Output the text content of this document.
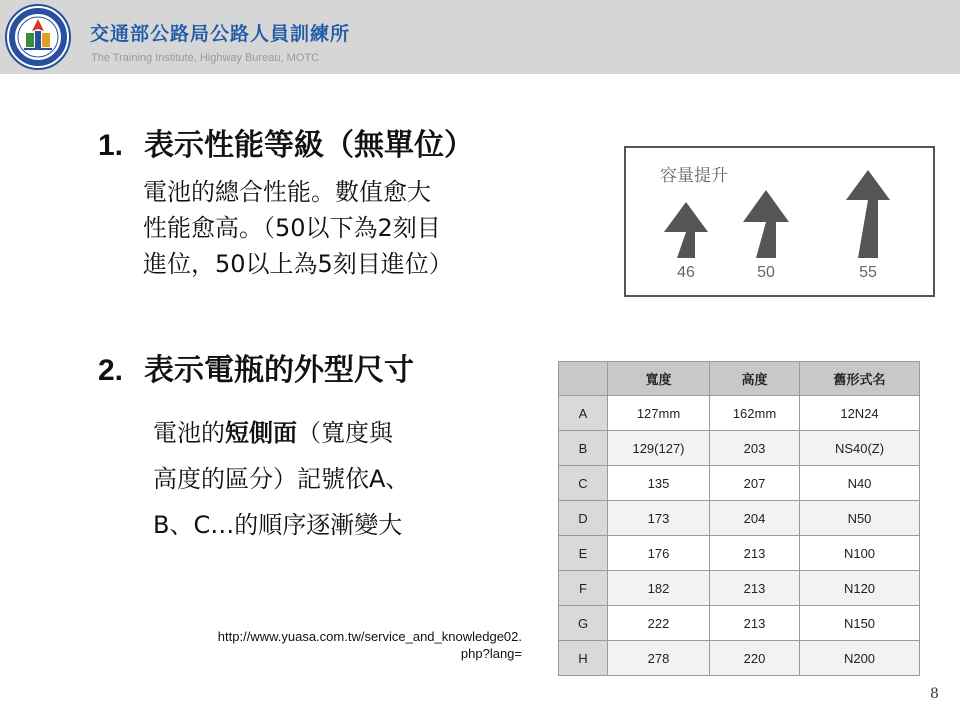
交通部公路局公路人員訓練所
The Training Institute, Highway Bureau, MOTC
1. 表示性能等級（無單位）
電池的總合性能。數值愈大
性能愈高。（50以下為2刻目
進位，50以上為5刻目進位）
容量提升
46	50	55
2. 表示電瓶的外型尺寸
電池的短側面（寬度與
高度的區分）記號依A、
B、C…的順序逐漸變大
http://www.yuasa.com.tw/service_and_knowledge02.
php?lang=
	寬度	高度	舊形式名
A	127mm	162mm	12N24
B	129(127)	203	NS40(Z)
C	135	207	N40
D	173	204	N50
E	176	213	N100
F	182	213	N120
G	222	213	N150
H	278	220	N200
8
